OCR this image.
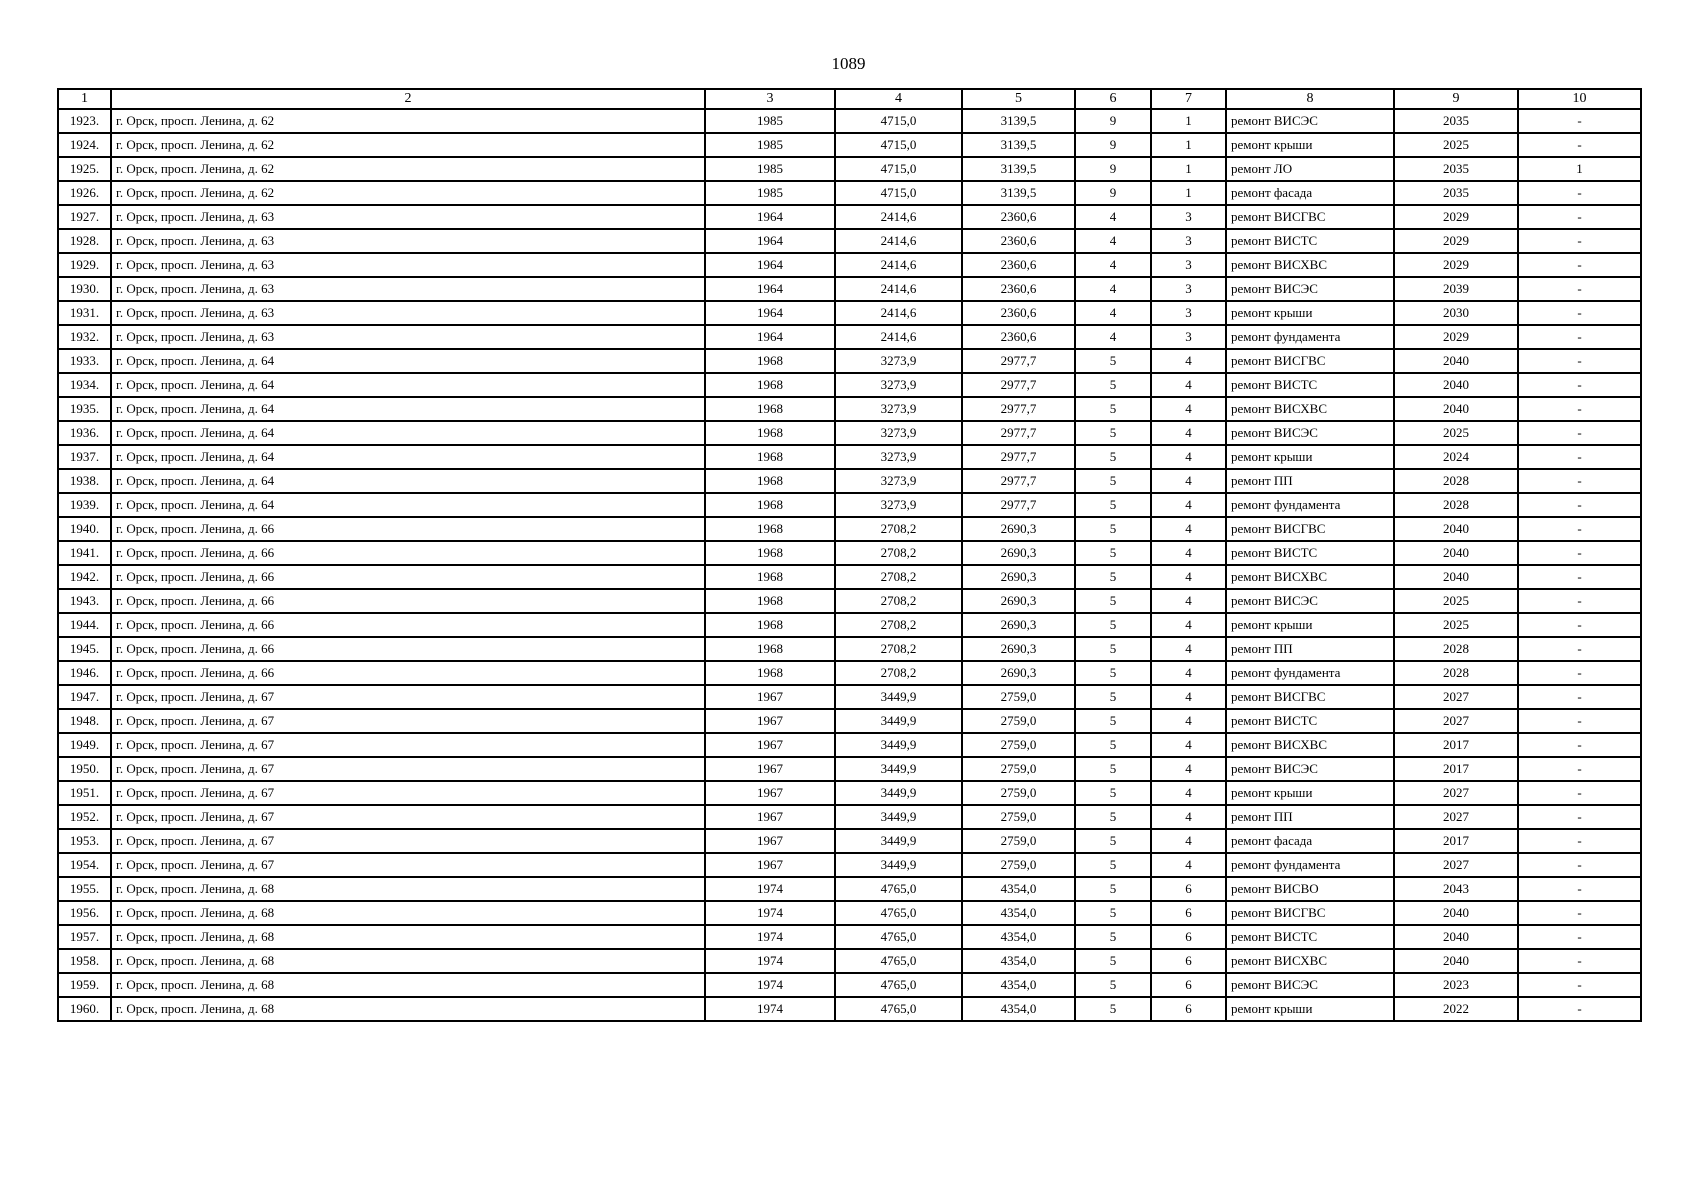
1089
1	2	3	4	5	6	7	8	9	10
1923.	г. Орск, просп. Ленина, д. 62	1985	4715,0	3139,5	9	1	ремонт ВИСЭС	2035	-
1924.	г. Орск, просп. Ленина, д. 62	1985	4715,0	3139,5	9	1	ремонт крыши	2025	-
1925.	г. Орск, просп. Ленина, д. 62	1985	4715,0	3139,5	9	1	ремонт ЛО	2035	1
1926.	г. Орск, просп. Ленина, д. 62	1985	4715,0	3139,5	9	1	ремонт фасада	2035	-
1927.	г. Орск, просп. Ленина, д. 63	1964	2414,6	2360,6	4	3	ремонт ВИСГВС	2029	-
1928.	г. Орск, просп. Ленина, д. 63	1964	2414,6	2360,6	4	3	ремонт ВИСТС	2029	-
1929.	г. Орск, просп. Ленина, д. 63	1964	2414,6	2360,6	4	3	ремонт ВИСХВС	2029	-
1930.	г. Орск, просп. Ленина, д. 63	1964	2414,6	2360,6	4	3	ремонт ВИСЭС	2039	-
1931.	г. Орск, просп. Ленина, д. 63	1964	2414,6	2360,6	4	3	ремонт крыши	2030	-
1932.	г. Орск, просп. Ленина, д. 63	1964	2414,6	2360,6	4	3	ремонт фундамента	2029	-
1933.	г. Орск, просп. Ленина, д. 64	1968	3273,9	2977,7	5	4	ремонт ВИСГВС	2040	-
1934.	г. Орск, просп. Ленина, д. 64	1968	3273,9	2977,7	5	4	ремонт ВИСТС	2040	-
1935.	г. Орск, просп. Ленина, д. 64	1968	3273,9	2977,7	5	4	ремонт ВИСХВС	2040	-
1936.	г. Орск, просп. Ленина, д. 64	1968	3273,9	2977,7	5	4	ремонт ВИСЭС	2025	-
1937.	г. Орск, просп. Ленина, д. 64	1968	3273,9	2977,7	5	4	ремонт крыши	2024	-
1938.	г. Орск, просп. Ленина, д. 64	1968	3273,9	2977,7	5	4	ремонт ПП	2028	-
1939.	г. Орск, просп. Ленина, д. 64	1968	3273,9	2977,7	5	4	ремонт фундамента	2028	-
1940.	г. Орск, просп. Ленина, д. 66	1968	2708,2	2690,3	5	4	ремонт ВИСГВС	2040	-
1941.	г. Орск, просп. Ленина, д. 66	1968	2708,2	2690,3	5	4	ремонт ВИСТС	2040	-
1942.	г. Орск, просп. Ленина, д. 66	1968	2708,2	2690,3	5	4	ремонт ВИСХВС	2040	-
1943.	г. Орск, просп. Ленина, д. 66	1968	2708,2	2690,3	5	4	ремонт ВИСЭС	2025	-
1944.	г. Орск, просп. Ленина, д. 66	1968	2708,2	2690,3	5	4	ремонт крыши	2025	-
1945.	г. Орск, просп. Ленина, д. 66	1968	2708,2	2690,3	5	4	ремонт ПП	2028	-
1946.	г. Орск, просп. Ленина, д. 66	1968	2708,2	2690,3	5	4	ремонт фундамента	2028	-
1947.	г. Орск, просп. Ленина, д. 67	1967	3449,9	2759,0	5	4	ремонт ВИСГВС	2027	-
1948.	г. Орск, просп. Ленина, д. 67	1967	3449,9	2759,0	5	4	ремонт ВИСТС	2027	-
1949.	г. Орск, просп. Ленина, д. 67	1967	3449,9	2759,0	5	4	ремонт ВИСХВС	2017	-
1950.	г. Орск, просп. Ленина, д. 67	1967	3449,9	2759,0	5	4	ремонт ВИСЭС	2017	-
1951.	г. Орск, просп. Ленина, д. 67	1967	3449,9	2759,0	5	4	ремонт крыши	2027	-
1952.	г. Орск, просп. Ленина, д. 67	1967	3449,9	2759,0	5	4	ремонт ПП	2027	-
1953.	г. Орск, просп. Ленина, д. 67	1967	3449,9	2759,0	5	4	ремонт фасада	2017	-
1954.	г. Орск, просп. Ленина, д. 67	1967	3449,9	2759,0	5	4	ремонт фундамента	2027	-
1955.	г. Орск, просп. Ленина, д. 68	1974	4765,0	4354,0	5	6	ремонт ВИСВО	2043	-
1956.	г. Орск, просп. Ленина, д. 68	1974	4765,0	4354,0	5	6	ремонт ВИСГВС	2040	-
1957.	г. Орск, просп. Ленина, д. 68	1974	4765,0	4354,0	5	6	ремонт ВИСТС	2040	-
1958.	г. Орск, просп. Ленина, д. 68	1974	4765,0	4354,0	5	6	ремонт ВИСХВС	2040	-
1959.	г. Орск, просп. Ленина, д. 68	1974	4765,0	4354,0	5	6	ремонт ВИСЭС	2023	-
1960.	г. Орск, просп. Ленина, д. 68	1974	4765,0	4354,0	5	6	ремонт крыши	2022	-
